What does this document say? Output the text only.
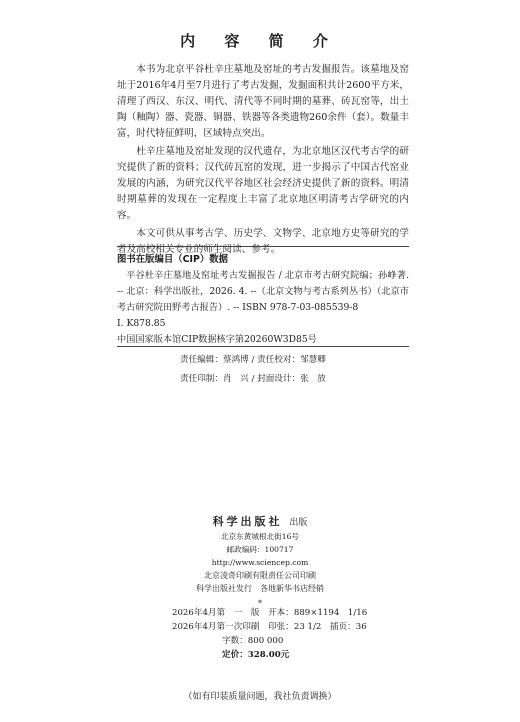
内 容 简 介

本书为北京平谷杜辛庄墓地及窑址的考古发掘报告。该墓地及窑址于2016年4月至7月进行了考古发掘，发掘面积共计2600平方米，清理了西汉、东汉、明代、清代等不同时期的墓葬、砖瓦窑等，出土陶（釉陶）器、瓷器、铜器、铁器等各类遗物260余件（套）。数量丰富，时代特征鲜明，区域特点突出。

杜辛庄墓地及窑址发现的汉代遗存，为北京地区汉代考古学的研究提供了新的资料；汉代砖瓦窑的发现，进一步揭示了中国古代窑业发展的内涵，为研究汉代平谷地区社会经济史提供了新的资料。明清时期墓葬的发现在一定程度上丰富了北京地区明清考古学研究的内容。

本文可供从事考古学、历史学、文物学、北京地方史等研究的学者及高校相关专业的师生阅读、参考。

图书在版编目（CIP）数据
平谷杜辛庄墓地及窑址考古发掘报告 / 北京市考古研究院编；孙峥著. -- 北京：科学出版社，2026. 4. --（北京文物与考古系列丛书）（北京市考古研究院田野考古报告）. -- ISBN 978-7-03-085539-8
Ⅰ. K878.85
中国国家版本馆CIP数据核字第20260W3D85号
责任编辑：蔡鸿博 / 责任校对：邹慧卿
责任印制：肖　兴 / 封面设计：张　放
科学出版社 出版
北京东黄城根北街16号
邮政编码：100717
http://www.sciencep.com
北京凌奇印刷有限责任公司印刷
科学出版社发行　各地新华书店经销
*
2026年4月第　一　版　开本：889×1194　1/16
2026年4月第一次印刷　印张：23 1/2　插页：36
字数：800 000
定价：328.00元
（如有印装质量问题，我社负责调换）
